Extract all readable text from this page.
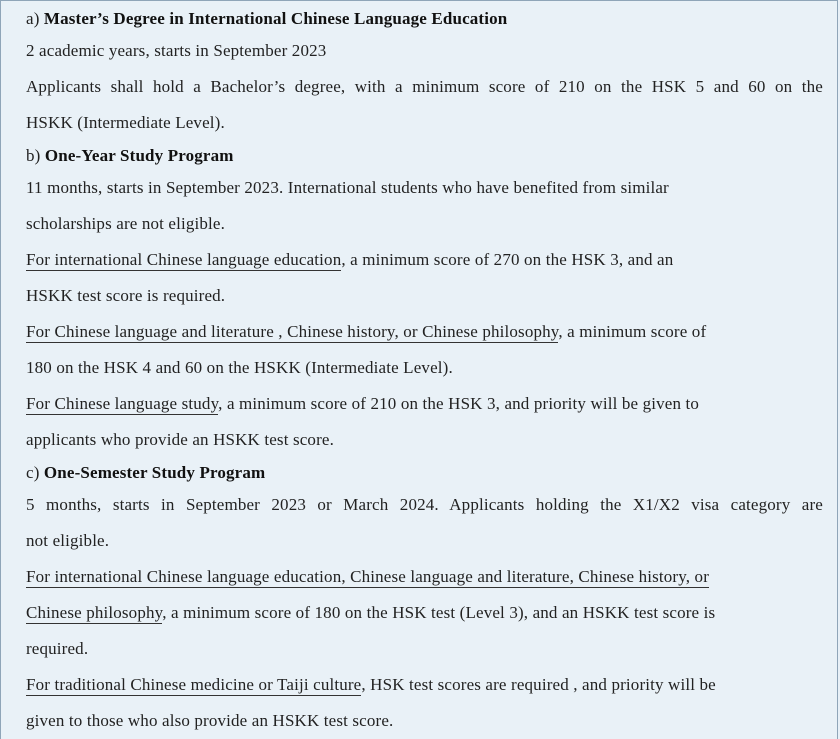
a) Master’s Degree in International Chinese Language Education
2 academic years, starts in September 2023
Applicants shall hold a Bachelor’s degree, with a minimum score of 210 on the HSK 5 and 60 on the
HSKK (Intermediate Level).
b) One-Year Study Program
11 months, starts in September 2023. International students who have benefited from similar
scholarships are not eligible.
For international Chinese language education, a minimum score of 270 on the HSK 3, and an
HSKK test score is required.
For Chinese language and literature , Chinese history, or Chinese philosophy, a minimum score of
180 on the HSK 4 and 60 on the HSKK (Intermediate Level).
For Chinese language study, a minimum score of 210 on the HSK 3, and priority will be given to
applicants who provide an HSKK test score.
c) One-Semester Study Program
5 months, starts in September 2023 or March 2024. Applicants holding the X1/X2 visa category are
not eligible.
For international Chinese language education, Chinese language and literature, Chinese history, or
Chinese philosophy, a minimum score of 180 on the HSK test (Level 3), and an HSKK test score is
required.
For traditional Chinese medicine or Taiji culture, HSK test scores are required , and priority will be
given to those who also provide an HSKK test score.
